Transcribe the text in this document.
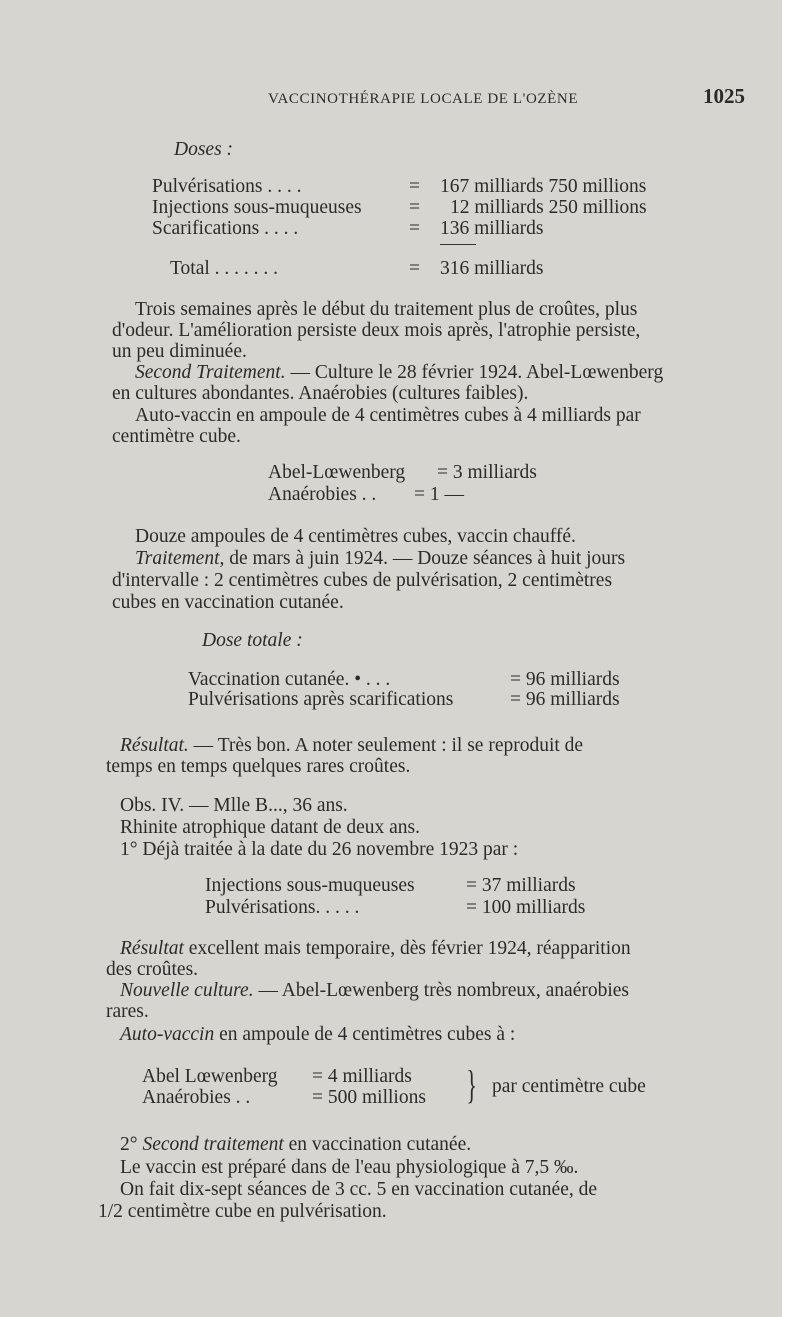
VACCINOTHÉRAPIE LOCALE DE L'OZÈNE	1025
Doses :
Pulvérisations . . . .	= 167 milliards 750 millions
Injections sous-muqueuses = 12 milliards 250 millions
Scarifications . . . .	= 136 milliards
Total . . . . . . .	= 316 milliards
Trois semaines après le début du traitement plus de croûtes, plus
d'odeur. L'amélioration persiste deux mois après, l'atrophie persiste,
un peu diminuée.
Second Traitement. — Culture le 28 février 1924. Abel-Lœwenberg
en cultures abondantes. Anaérobies (cultures faibles).
Auto-vaccin en ampoule de 4 centimètres cubes à 4 milliards par
centimètre cube.
Abel-Lœwenberg = 3 milliards
Anaérobies . . = 1 —
Douze ampoules de 4 centimètres cubes, vaccin chauffé.
Traitement, de mars à juin 1924. — Douze séances à huit jours
d'intervalle : 2 centimètres cubes de pulvérisation, 2 centimètres
cubes en vaccination cutanée.
Dose totale :
Vaccination cutanée. • . . .	= 96 milliards
Pulvérisations après scarifications	= 96 milliards
Résultat. — Très bon. A noter seulement : il se reproduit de
temps en temps quelques rares croûtes.
Obs. IV. — Mlle B..., 36 ans.
Rhinite atrophique datant de deux ans.
1° Déjà traitée à la date du 26 novembre 1923 par :
Injections sous-muqueuses	= 37 milliards
Pulvérisations. . . . .	= 100 milliards
Résultat excellent mais temporaire, dès février 1924, réapparition
des croûtes.
Nouvelle culture. — Abel-Lœwenberg très nombreux, anaérobies
rares.
Auto-vaccin en ampoule de 4 centimètres cubes à :
Abel Lœwenberg = 4 milliards
Anaérobies . .	= 500 millions } par centimètre cube
2° Second traitement en vaccination cutanée.
Le vaccin est préparé dans de l'eau physiologique à 7,5 ‰.
On fait dix-sept séances de 3 cc. 5 en vaccination cutanée, de
1/2 centimètre cube en pulvérisation.
